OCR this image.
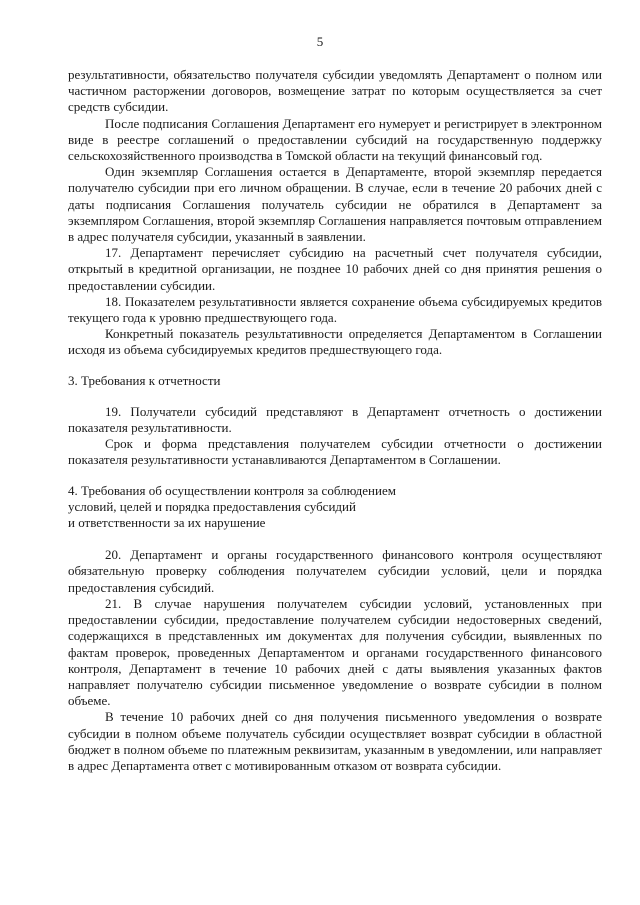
5

результативности, обязательство получателя субсидии уведомлять Департамент о полном или частичном расторжении договоров, возмещение затрат по которым осуществляется за счет средств субсидии.

После подписания Соглашения Департамент его нумерует и регистрирует в электронном виде в реестре соглашений о предоставлении субсидий на государственную поддержку сельскохозяйственного производства в Томской области на текущий финансовый год.

Один экземпляр Соглашения остается в Департаменте, второй экземпляр передается получателю субсидии при его личном обращении. В случае, если в течение 20 рабочих дней с даты подписания Соглашения получатель субсидии не обратился в Департамент за экземпляром Соглашения, второй экземпляр Соглашения направляется почтовым отправлением в адрес получателя субсидии, указанный в заявлении.

17. Департамент перечисляет субсидию на расчетный счет получателя субсидии, открытый в кредитной организации, не позднее 10 рабочих дней со дня принятия решения о предоставлении субсидии.

18. Показателем результативности является сохранение объема субсидируемых кредитов текущего года к уровню предшествующего года.

Конкретный показатель результативности определяется Департаментом в Соглашении исходя из объема субсидируемых кредитов предшествующего года.

3. Требования к отчетности

19. Получатели субсидий представляют в Департамент отчетность о достижении показателя результативности.

Срок и форма представления получателем субсидии отчетности о достижении показателя результативности устанавливаются Департаментом в Соглашении.

4. Требования об осуществлении контроля за соблюдением
условий, целей и порядка предоставления субсидий
и ответственности за их нарушение

20. Департамент и органы государственного финансового контроля осуществляют обязательную проверку соблюдения получателем субсидии условий, цели и порядка предоставления субсидий.

21. В случае нарушения получателем субсидии условий, установленных при предоставлении субсидии, предоставление получателем субсидии недостоверных сведений, содержащихся в представленных им документах для получения субсидии, выявленных по фактам проверок, проведенных Департаментом и органами государственного финансового контроля, Департамент в течение 10 рабочих дней с даты выявления указанных фактов направляет получателю субсидии письменное уведомление о возврате субсидии в полном объеме.

В течение 10 рабочих дней со дня получения письменного уведомления о возврате субсидии в полном объеме получатель субсидии осуществляет возврат субсидии в областной бюджет в полном объеме по платежным реквизитам, указанным в уведомлении, или направляет в адрес Департамента ответ с мотивированным отказом от возврата субсидии.
